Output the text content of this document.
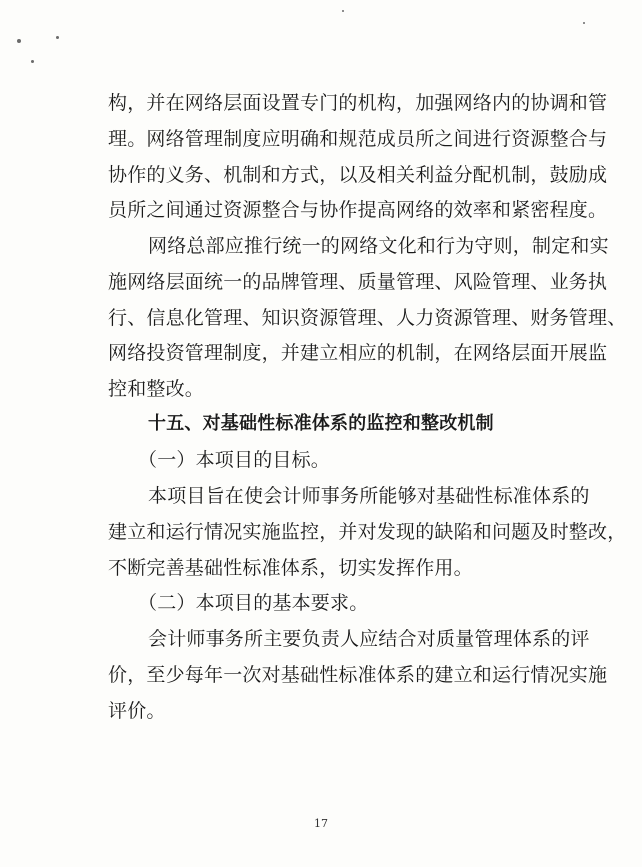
构，并在网络层面设置专门的机构，加强网络内的协调和管
理。网络管理制度应明确和规范成员所之间进行资源整合与
协作的义务、机制和方式，以及相关利益分配机制，鼓励成
员所之间通过资源整合与协作提高网络的效率和紧密程度。
网络总部应推行统一的网络文化和行为守则，制定和实
施网络层面统一的品牌管理、质量管理、风险管理、业务执
行、信息化管理、知识资源管理、人力资源管理、财务管理、
网络投资管理制度，并建立相应的机制，在网络层面开展监
控和整改。
十五、对基础性标准体系的监控和整改机制
（一）本项目的目标。
本项目旨在使会计师事务所能够对基础性标准体系的
建立和运行情况实施监控，并对发现的缺陷和问题及时整改，
不断完善基础性标准体系，切实发挥作用。
（二）本项目的基本要求。
会计师事务所主要负责人应结合对质量管理体系的评
价，至少每年一次对基础性标准体系的建立和运行情况实施
评价。
17
